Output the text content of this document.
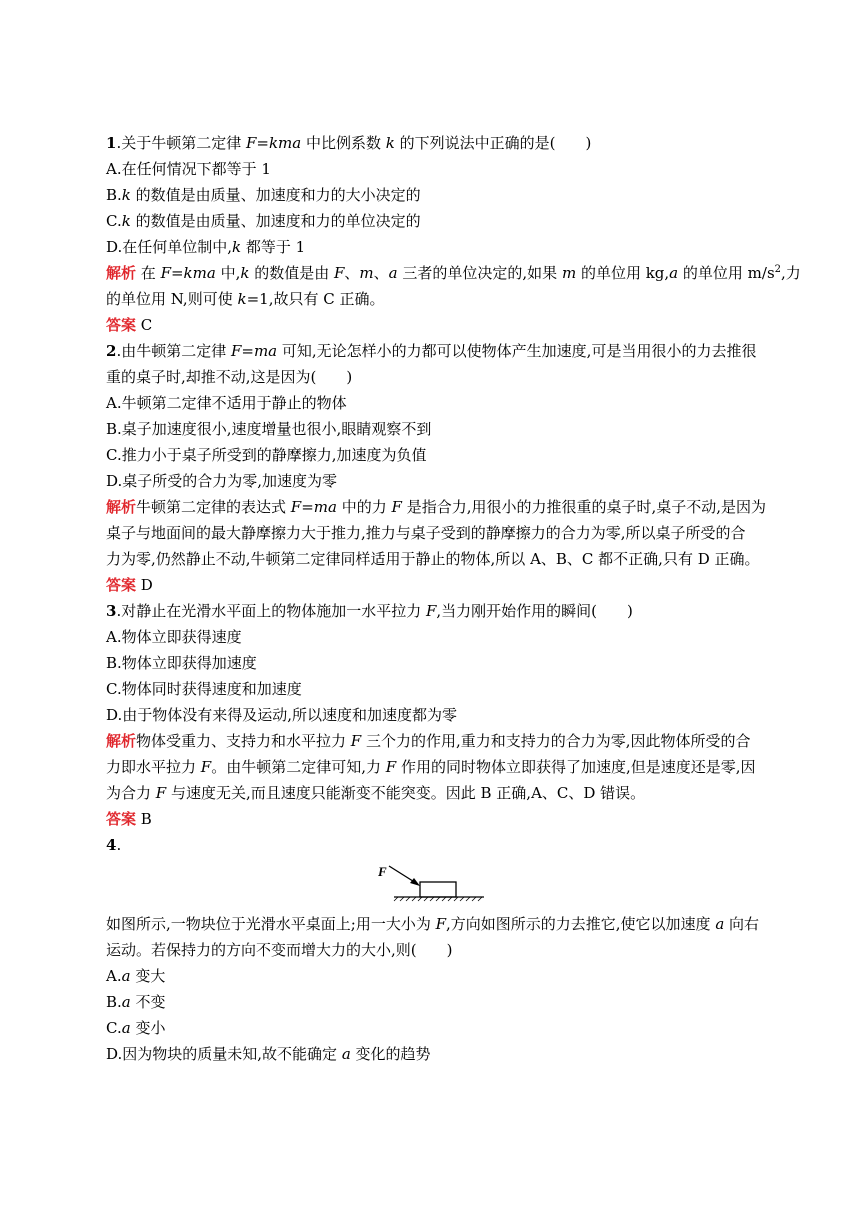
1.关于牛顿第二定律 F=kma 中比例系数 k 的下列说法中正确的是(　　)
A.在任何情况下都等于 1
B.k 的数值是由质量、加速度和力的大小决定的
C.k 的数值是由质量、加速度和力的单位决定的
D.在任何单位制中,k 都等于 1
解析 在 F=kma 中,k 的数值是由 F、m、a 三者的单位决定的,如果 m 的单位用 kg,a 的单位用 $m/s^2$,力
的单位用 N,则可使 k=1,故只有 C 正确。
答案 C
2.由牛顿第二定律 F=ma 可知,无论怎样小的力都可以使物体产生加速度,可是当用很小的力去推很
重的桌子时,却推不动,这是因为(　　)
A.牛顿第二定律不适用于静止的物体
B.桌子加速度很小,速度增量也很小,眼睛观察不到
C.推力小于桌子所受到的静摩擦力,加速度为负值
D.桌子所受的合力为零,加速度为零
解析牛顿第二定律的表达式 F=ma 中的力 F 是指合力,用很小的力推很重的桌子时,桌子不动,是因为
桌子与地面间的最大静摩擦力大于推力,推力与桌子受到的静摩擦力的合力为零,所以桌子所受的合
力为零,仍然静止不动,牛顿第二定律同样适用于静止的物体,所以 A、B、C 都不正确,只有 D 正确。
答案 D
3.对静止在光滑水平面上的物体施加一水平拉力 F,当力刚开始作用的瞬间(　　)
A.物体立即获得速度
B.物体立即获得加速度
C.物体同时获得速度和加速度
D.由于物体没有来得及运动,所以速度和加速度都为零
解析物体受重力、支持力和水平拉力 F 三个力的作用,重力和支持力的合力为零,因此物体所受的合
力即水平拉力 F。由牛顿第二定律可知,力 F 作用的同时物体立即获得了加速度,但是速度还是零,因
为合力 F 与速度无关,而且速度只能渐变不能突变。因此 B 正确,A、C、D 错误。
答案 B
4.
F
如图所示,一物块位于光滑水平桌面上;用一大小为 F,方向如图所示的力去推它,使它以加速度 a 向右
运动。若保持力的方向不变而增大力的大小,则(　　)
A.a 变大
B.a 不变
C.a 变小
D.因为物块的质量未知,故不能确定 a 变化的趋势
